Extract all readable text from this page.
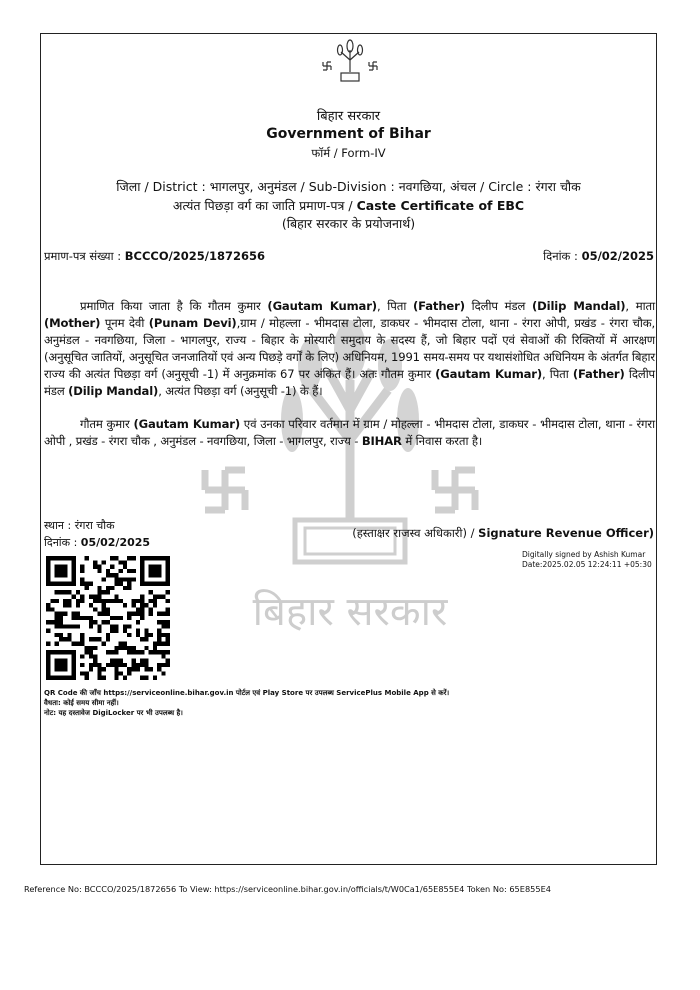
बिहार सरकार
बिहार सरकार
Government of Bihar
फॉर्म / Form-IV
जिला / District : भागलपुर, अनुमंडल / Sub-Division : नवगछिया, अंचल / Circle : रंगरा चौक
अत्यंत पिछड़ा वर्ग का जाति प्रमाण-पत्र / Caste Certificate of EBC
(बिहार सरकार के प्रयोजनार्थ)
प्रमाण-पत्र संख्या : BCCCO/2025/1872656	दिनांक : 05/02/2025
प्रमाणित किया जाता है कि गौतम कुमार (Gautam Kumar), पिता (Father) दिलीप मंडल (Dilip Mandal), माता (Mother) पूनम देवी (Punam Devi),ग्राम / मोहल्ला - भीमदास टोला, डाकघर - भीमदास टोला, थाना - रंगरा ओपी, प्रखंड - रंगरा चौक, अनुमंडल - नवगछिया, जिला - भागलपुर, राज्य - बिहार के मोस्यारी समुदाय के सदस्य हैं, जो बिहार पदों एवं सेवाओं की रिक्तियों में आरक्षण (अनुसूचित जातियों, अनुसूचित जनजातियों एवं अन्य पिछड़े वर्गों के लिए) अधिनियम, 1991 समय-समय पर यथासंशोधित अधिनियम के अंतर्गत बिहार राज्य की अत्यंत पिछड़ा वर्ग (अनुसूची -1) में अनुक्रमांक 67 पर अंकित हैं। अतः गौतम कुमार (Gautam Kumar), पिता (Father) दिलीप मंडल (Dilip Mandal), अत्यंत पिछड़ा वर्ग (अनुसूची -1) के हैं।
गौतम कुमार (Gautam Kumar) एवं उनका परिवार वर्तमान में ग्राम / मोहल्ला - भीमदास टोला, डाकघर - भीमदास टोला, थाना - रंगरा ओपी , प्रखंड - रंगरा चौक , अनुमंडल - नवगछिया, जिला - भागलपुर, राज्य - BIHAR में निवास करता है।
स्थान : रंगरा चौक
दिनांक : 05/02/2025
(हस्ताक्षर राजस्व अधिकारी) / Signature Revenue Officer)
Digitally signed by Ashish Kumar
Date:2025.02.05 12:24:11 +05:30
QR Code की जाँच https://serviceonline.bihar.gov.in पोर्टल एवं Play Store पर उपलब्ध ServicePlus Mobile App से करें।
वैधता: कोई समय सीमा नहीं।
नोट: यह दस्तावेज DigiLocker पर भी उपलब्ध है।
Reference No: BCCCO/2025/1872656 To View: https://serviceonline.bihar.gov.in/officials/t/W0Ca1/65E855E4 Token No: 65E855E4
